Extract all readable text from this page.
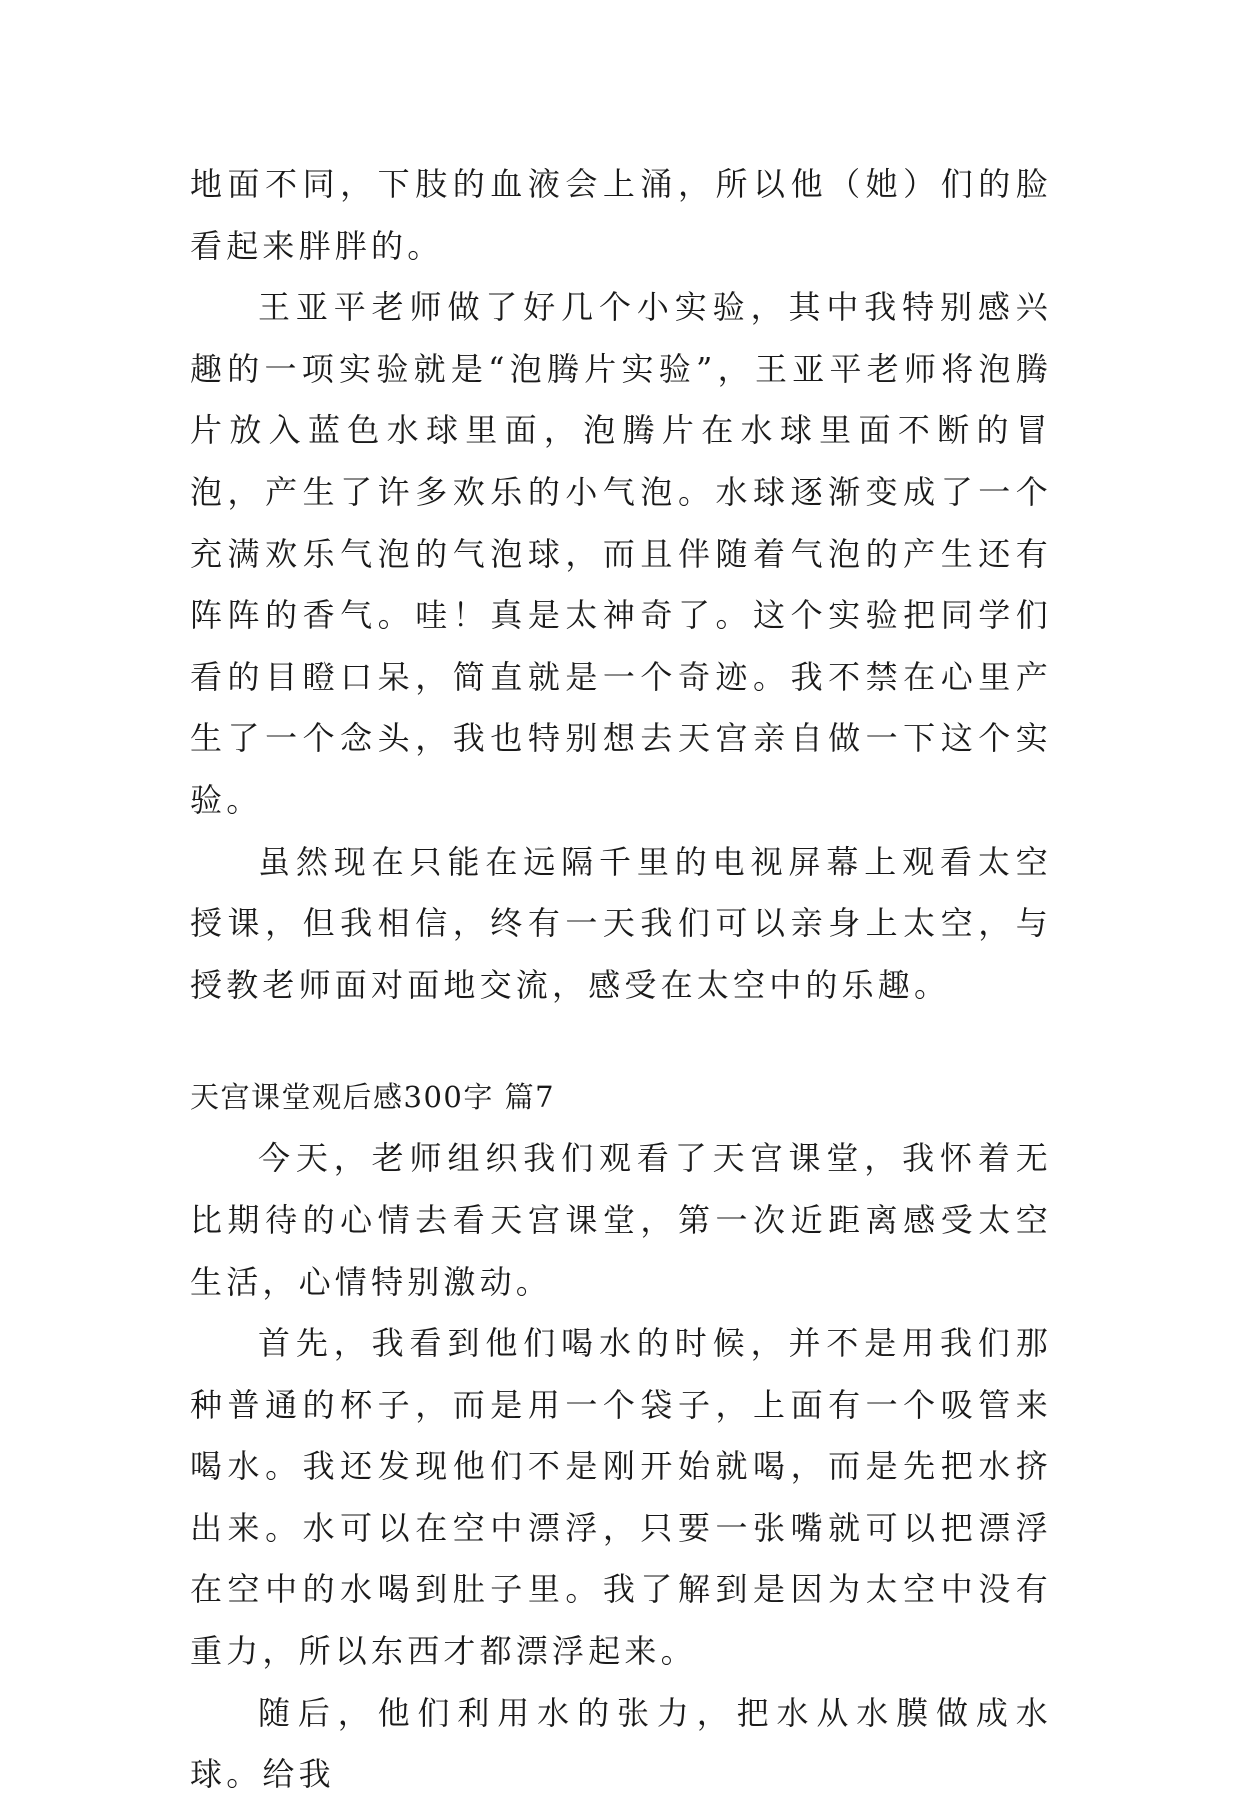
地面不同，下肢的血液会上涌，所以他（她）们的脸看起来胖胖的。

王亚平老师做了好几个小实验，其中我特别感兴趣的一项实验就是“泡腾片实验”，王亚平老师将泡腾片放入蓝色水球里面，泡腾片在水球里面不断的冒泡，产生了许多欢乐的小气泡。水球逐渐变成了一个充满欢乐气泡的气泡球，而且伴随着气泡的产生还有阵阵的香气。哇！真是太神奇了。这个实验把同学们看的目瞪口呆，简直就是一个奇迹。我不禁在心里产生了一个念头，我也特别想去天宫亲自做一下这个实验。

虽然现在只能在远隔千里的电视屏幕上观看太空授课，但我相信，终有一天我们可以亲身上太空，与授教老师面对面地交流，感受在太空中的乐趣。

天宫课堂观后感300字 篇7

今天，老师组织我们观看了天宫课堂，我怀着无比期待的心情去看天宫课堂，第一次近距离感受太空生活，心情特别激动。

首先，我看到他们喝水的时候，并不是用我们那种普通的杯子，而是用一个袋子，上面有一个吸管来喝水。我还发现他们不是刚开始就喝，而是先把水挤出来。水可以在空中漂浮，只要一张嘴就可以把漂浮在空中的水喝到肚子里。我了解到是因为太空中没有重力，所以东西才都漂浮起来。

随后，他们利用水的张力，把水从水膜做成水球。给我
